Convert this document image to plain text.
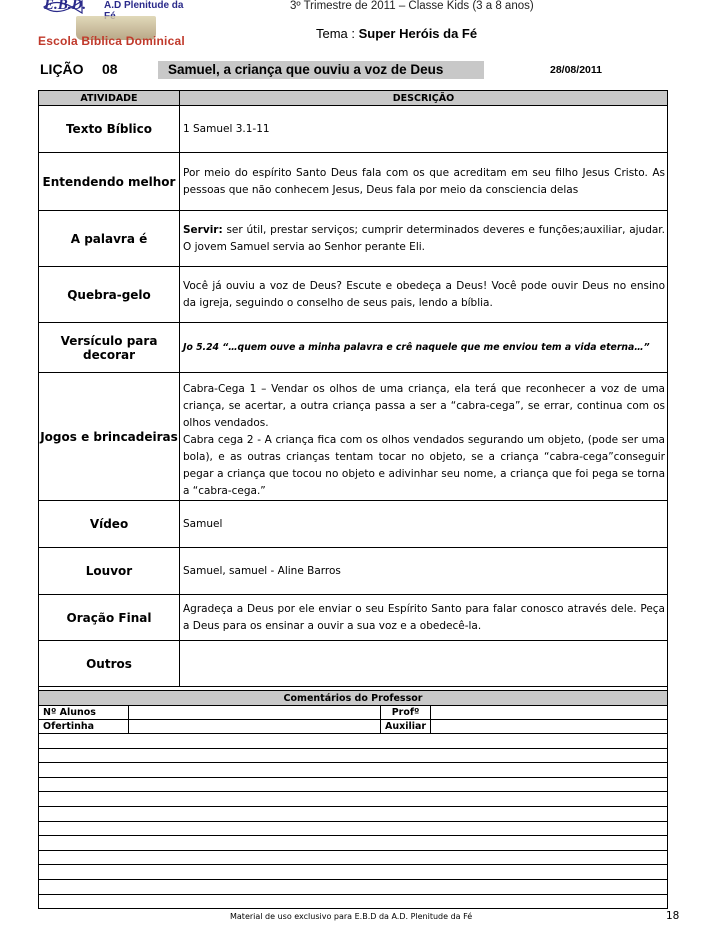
E.B.D. A.D Plenitude da
Escola Bíblica Dominical
3º Trimestre de 2011 – Classe Kids (3 a 8 anos)
Tema : Super Heróis da Fé
LIÇÃO 08	Samuel, a criança que ouviu a voz de Deus	28/08/2011
ATIVIDADE	DESCRIÇÃO
Texto Bíblico	1 Samuel 3.1-11
Entendendo melhor	Por meio do espírito Santo Deus fala com os que acreditam em seu filho Jesus Cristo. As pessoas que não conhecem Jesus, Deus fala por meio da consciencia delas
A palavra é	Servir: ser útil, prestar serviços; cumprir determinados deveres e funções;auxiliar, ajudar. O jovem Samuel servia ao Senhor perante Eli.
Quebra-gelo	Você já ouviu a voz de Deus? Escute e obedeça a Deus! Você pode ouvir Deus no ensino da igreja, seguindo o conselho de seus pais, lendo a bíblia.
Versículo para decorar	Jo 5.24 “…quem ouve a minha palavra e crê naquele que me enviou tem a vida eterna…”
Jogos e brincadeiras	Cabra-Cega 1 – Vendar os olhos de uma criança, ela terá que reconhecer a voz de uma criança, se acertar, a outra criança passa a ser a “cabra-cega”, se errar, continua com os olhos vendados.
Cabra cega 2 - A criança fica com os olhos vendados segurando um objeto, (pode ser uma bola), e as outras crianças tentam tocar no objeto, se a criança “cabra-cega”conseguir pegar a criança que tocou no objeto e adivinhar seu nome, a criança que foi pega se torna a “cabra-cega.”

Vídeo	Samuel
Louvor	Samuel, samuel - Aline Barros
Oração Final	Agradeça a Deus por ele enviar o seu Espírito Santo para falar conosco através dele. Peça a Deus para os ensinar a ouvir a sua voz e a obedecê-la.
Outros	

Comentários do Professor			
Nº Alunos		Profº	
Ofertinha		Auxiliar	

Material de uso exclusivo para E.B.D da A.D. Plenitude da Fé	18
